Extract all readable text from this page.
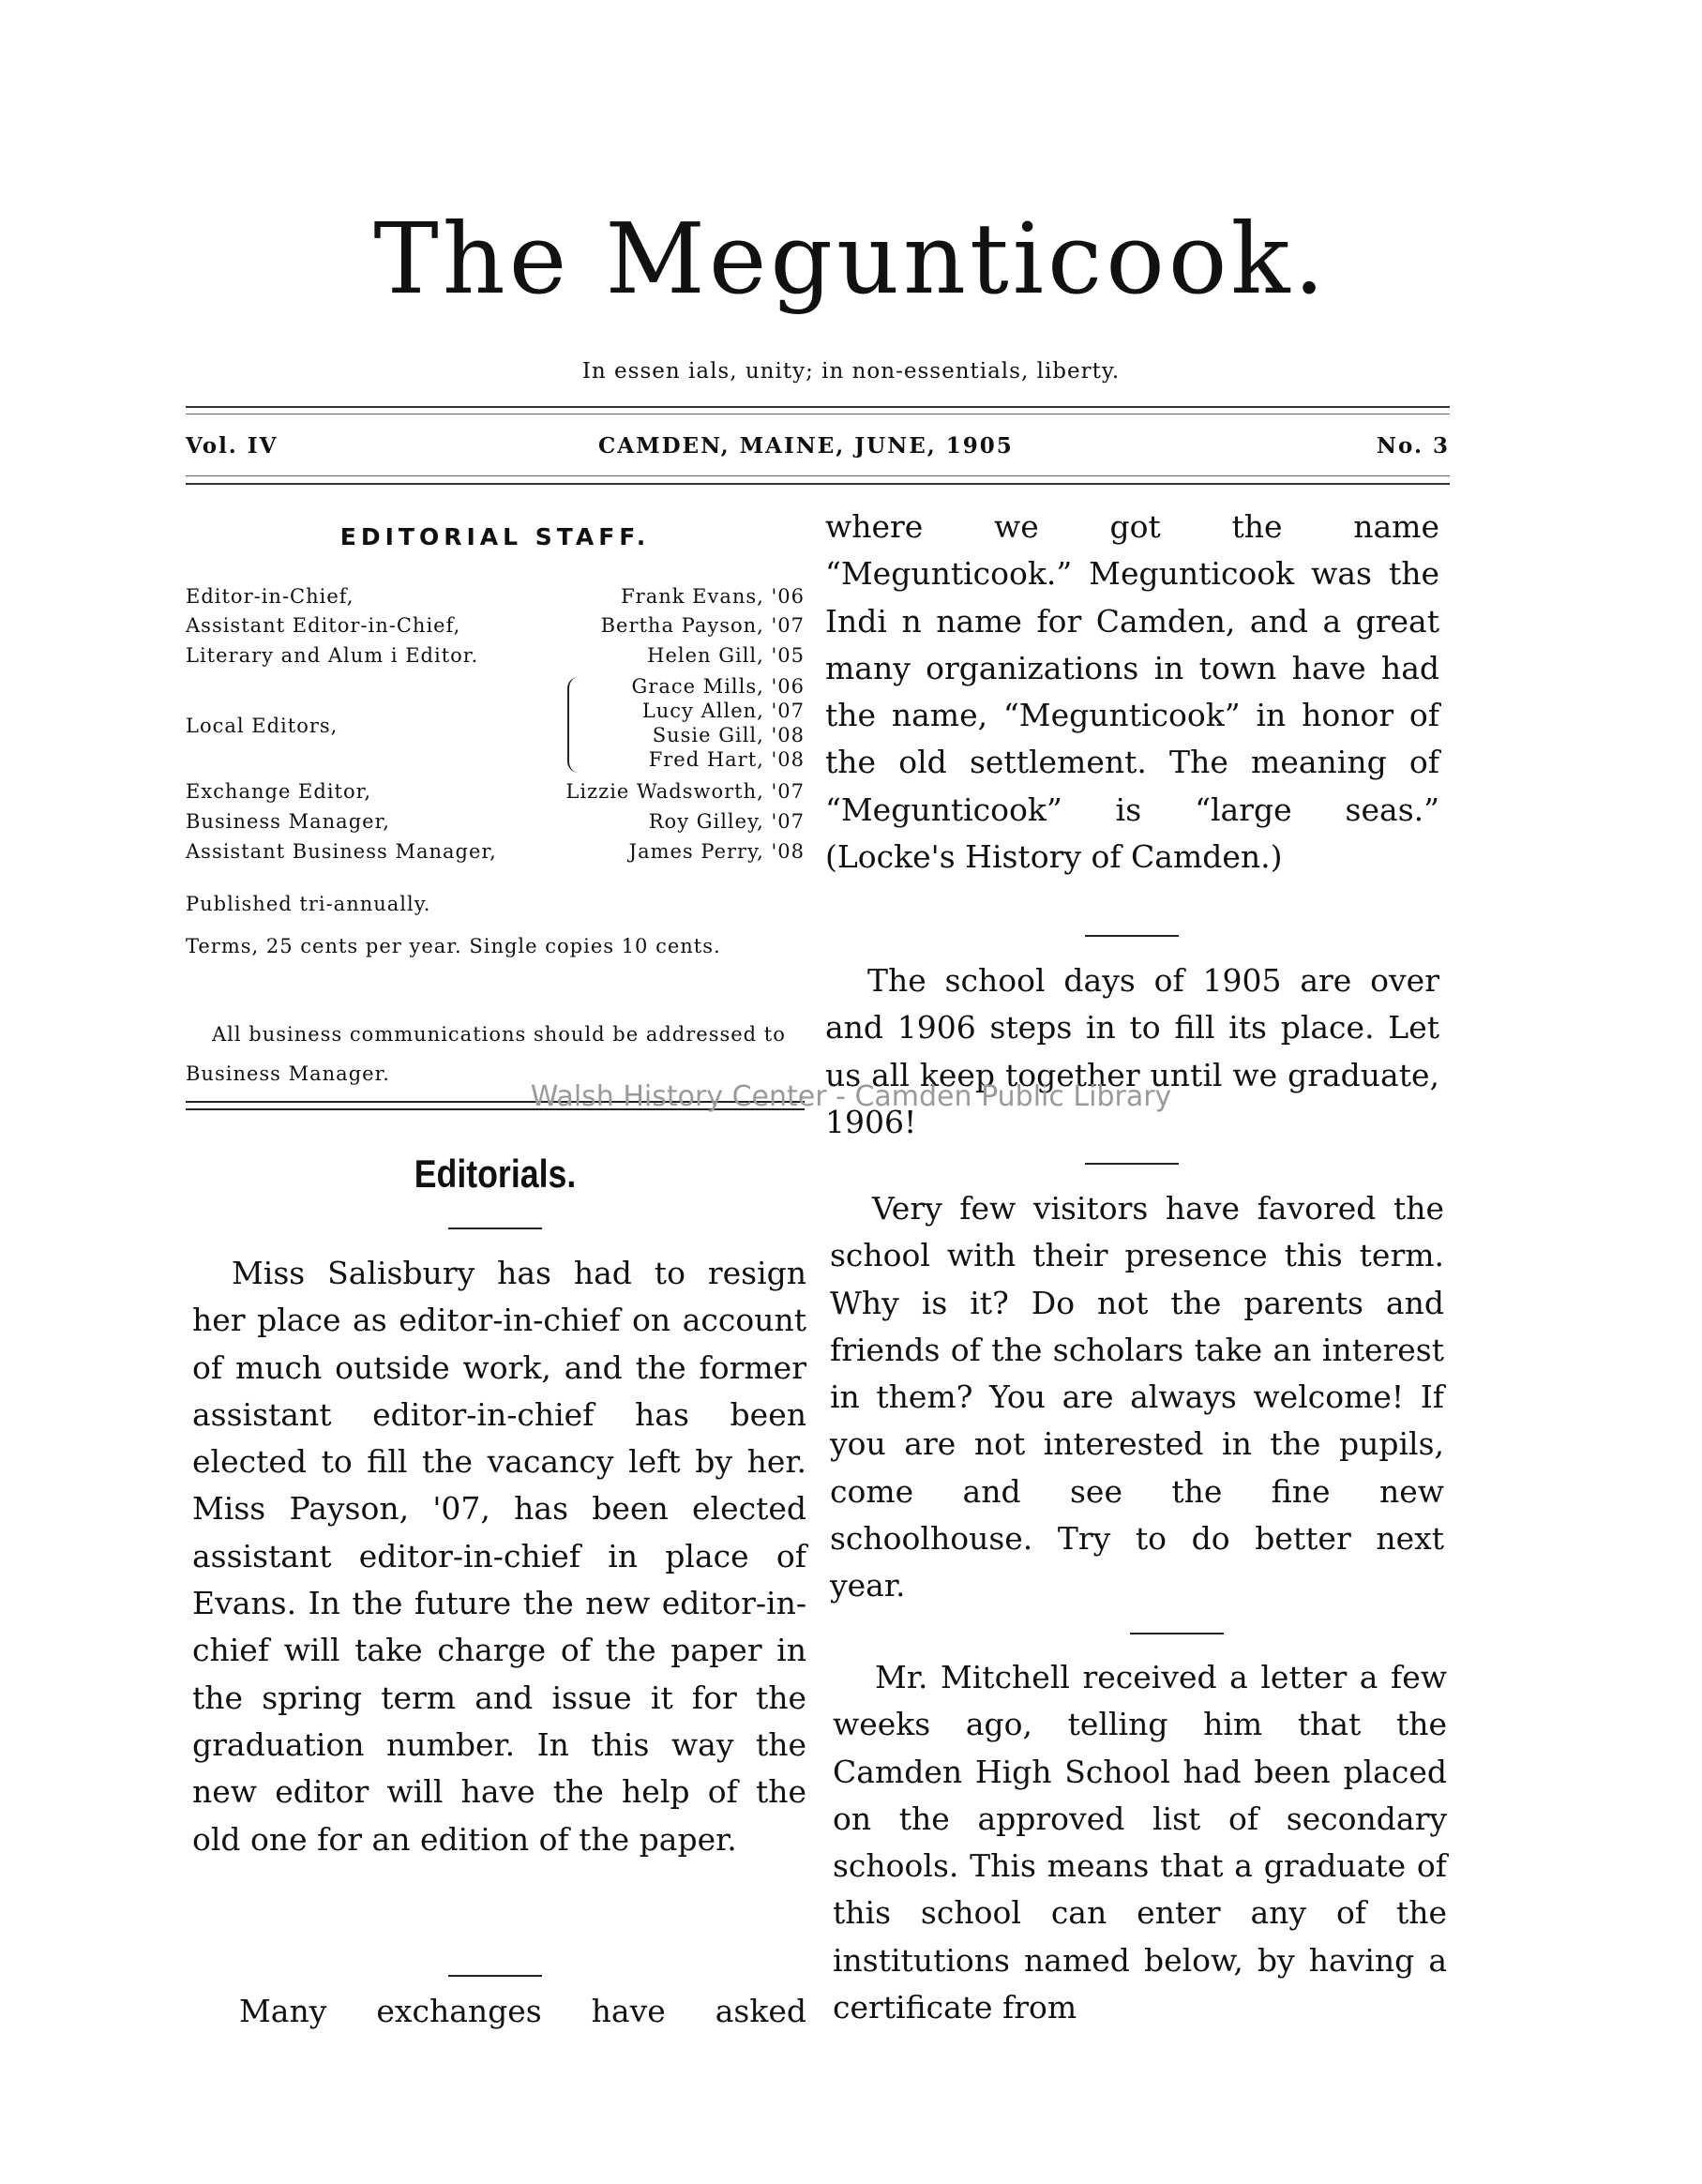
The Megunticook.
In essen ials, unity; in non-essentials, liberty.
Vol. IV	CAMDEN, MAINE, JUNE, 1905	No. 3
EDITORIAL STAFF.
Editor-in-Chief,	Frank Evans, '06
Assistant Editor-in-Chief,	Bertha Payson, '07
Literary and Alum i Editor.	Helen Gill, '05
Local Editors,
Grace Mills, '06
Lucy Allen, '07
Susie Gill, '08
Fred Hart, '08
Exchange Editor,	Lizzie Wadsworth, '07
Business Manager,	Roy Gilley, '07
Assistant Business Manager,	James Perry, '08
Published tri-annually.
Terms, 25 cents per year. Single copies 10 cents.
All business communications should be addressed to Business Manager.
Editorials.
Miss Salisbury has had to resign her place as editor-in-chief on account of much outside work, and the former assistant editor-in-chief has been elected to fill the vacancy left by her. Miss Payson, '07, has been elected assistant editor-in-chief in place of Evans. In the future the new editor-in-chief will take charge of the paper in the spring term and issue it for the graduation number. In this way the new editor will have the help of the old one for an edition of the paper.
Many exchanges have asked
where we got the name “Megunticook.” Megunticook was the Indi n name for Camden, and a great many organizations in town have had the name, “Megunticook” in honor of the old settlement. The meaning of “Megunticook” is “large seas.” (Locke's History of Camden.)
The school days of 1905 are over and 1906 steps in to fill its place. Let us all keep together until we graduate, 1906!
Very few visitors have favored the school with their presence this term. Why is it? Do not the parents and friends of the scholars take an interest in them? You are always welcome! If you are not interested in the pupils, come and see the fine new schoolhouse. Try to do better next year.
Mr. Mitchell received a letter a few weeks ago, telling him that the Camden High School had been placed on the approved list of secondary schools. This means that a graduate of this school can enter any of the institutions named below, by having a certificate from
Walsh History Center - Camden Public Library
